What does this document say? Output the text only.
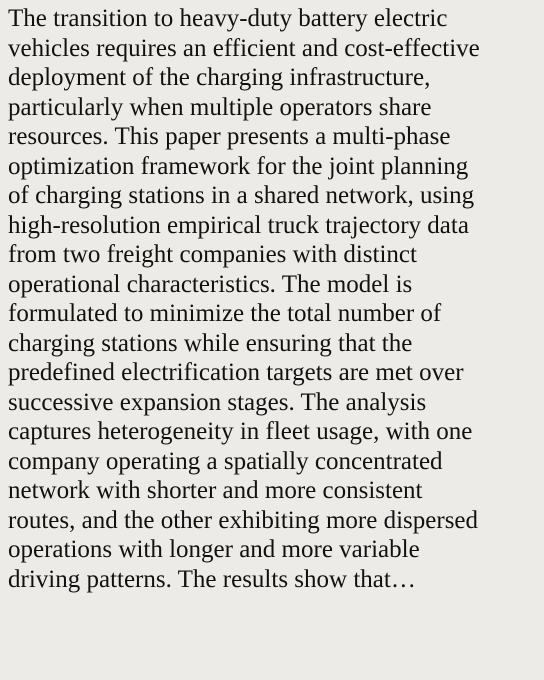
The transition to heavy-duty battery electric
vehicles requires an efficient and cost-effective
deployment of the charging infrastructure,
particularly when multiple operators share
resources. This paper presents a multi-phase
optimization framework for the joint planning
of charging stations in a shared network, using
high-resolution empirical truck trajectory data
from two freight companies with distinct
operational characteristics. The model is
formulated to minimize the total number of
charging stations while ensuring that the
predefined electrification targets are met over
successive expansion stages. The analysis
captures heterogeneity in fleet usage, with one
company operating a spatially concentrated
network with shorter and more consistent
routes, and the other exhibiting more dispersed
operations with longer and more variable
driving patterns. The results show that…
